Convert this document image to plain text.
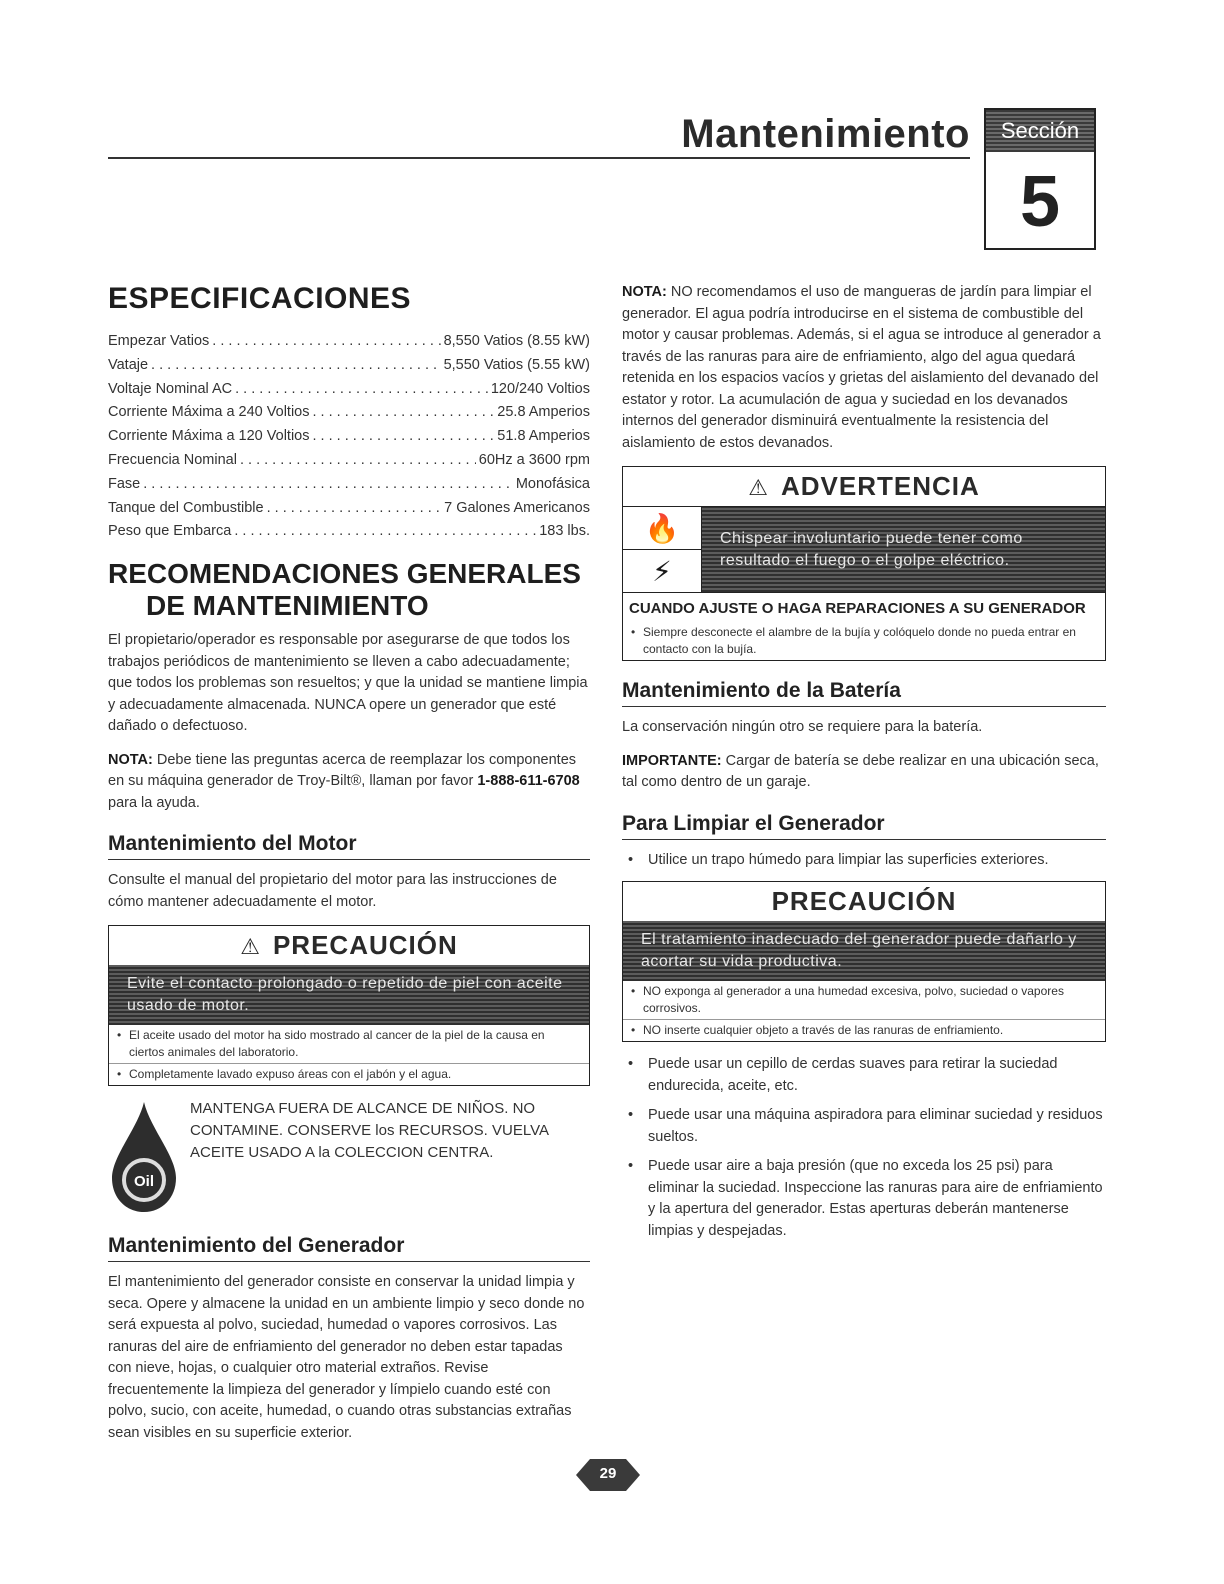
Mantenimiento	Sección
5
ESPECIFICACIONES
Empezar Vatios . . .	8,550 Vatios (8.55 kW)
Vataje . . .	5,550 Vatios (5.55 kW)
Voltaje Nominal AC . . .	120/240 Voltios
Corriente Máxima a 240 Voltios . . .	25.8 Amperios
Corriente Máxima a 120 Voltios . . .	51.8 Amperios
Frecuencia Nominal . . .	60Hz a 3600 rpm
Fase . . .	Monofásica
Tanque del Combustible . . .	7 Galones Americanos
Peso que Embarca . . .	183 lbs.
RECOMENDACIONES GENERALES
DE MANTENIMIENTO

El propietario/operador es responsable por asegurarse de que todos los trabajos periódicos de mantenimiento se lleven a cabo adecuadamente; que todos los problemas son resueltos; y que la unidad se mantiene limpia y adecuadamente almacenada. NUNCA opere un generador que esté dañado o defectuoso.

NOTA: Debe tiene las preguntas acerca de reemplazar los componentes en su máquina generador de Troy-Bilt®, llaman por favor 1-888-611-6708 para la ayuda.

Mantenimiento del Motor

Consulte el manual del propietario del motor para las instrucciones de cómo mantener adecuadamente el motor.

⚠ PRECAUCIÓN
Evite el contacto prolongado o repetido de piel con aceite usado de motor.
• El aceite usado del motor ha sido mostrado al cancer de la piel de la causa en ciertos animales del laboratorio.
• Completamente lavado expuso áreas con el jabón y el agua.
Oil
MANTENGA FUERA DE ALCANCE DE NIÑOS. NO CONTAMINE. CONSERVE los RECURSOS. VUELVA ACEITE USADO A la COLECCION CENTRA.
Mantenimiento del Generador

El mantenimiento del generador consiste en conservar la unidad limpia y seca. Opere y almacene la unidad en un ambiente limpio y seco donde no será expuesta al polvo, suciedad, humedad o vapores corrosivos. Las ranuras del aire de enfriamiento del generador no deben estar tapadas con nieve, hojas, o cualquier otro material extraños. Revise frecuentemente la limpieza del generador y límpielo cuando esté con polvo, sucio, con aceite, humedad, o cuando otras substancias extrañas sean visibles en su superficie exterior.

NOTA: NO recomendamos el uso de mangueras de jardín para limpiar el generador. El agua podría introducirse en el sistema de combustible del motor y causar problemas. Además, si el agua se introduce al generador a través de las ranuras para aire de enfriamiento, algo del agua quedará retenida en los espacios vacíos y grietas del aislamiento del devanado del estator y rotor. La acumulación de agua y suciedad en los devanados internos del generador disminuirá eventualmente la resistencia del aislamiento de estos devanados.

⚠ ADVERTENCIA
🔥
⚡
Chispear involuntario puede tener como resultado el fuego o el golpe eléctrico.
CUANDO AJUSTE O HAGA REPARACIONES A SU GENERADOR
• Siempre desconecte el alambre de la bujía y colóquelo donde no pueda entrar en contacto con la bujía.
Mantenimiento de la Batería

La conservación ningún otro se requiere para la batería.

IMPORTANTE: Cargar de batería se debe realizar en una ubicación seca, tal como dentro de un garaje.

Para Limpiar el Generador
• Utilice un trapo húmedo para limpiar las superficies exteriores.
PRECAUCIÓN
El tratamiento inadecuado del generador puede dañarlo y acortar su vida productiva.
• NO exponga al generador a una humedad excesiva, polvo, suciedad o vapores corrosivos.
• NO inserte cualquier objeto a través de las ranuras de enfriamiento.
• Puede usar un cepillo de cerdas suaves para retirar la suciedad endurecida, aceite, etc.
• Puede usar una máquina aspiradora para eliminar suciedad y residuos sueltos.
• Puede usar aire a baja presión (que no exceda los 25 psi) para eliminar la suciedad. Inspeccione las ranuras para aire de enfriamiento y la apertura del generador. Estas aperturas deberán mantenerse limpias y despejadas.
29
